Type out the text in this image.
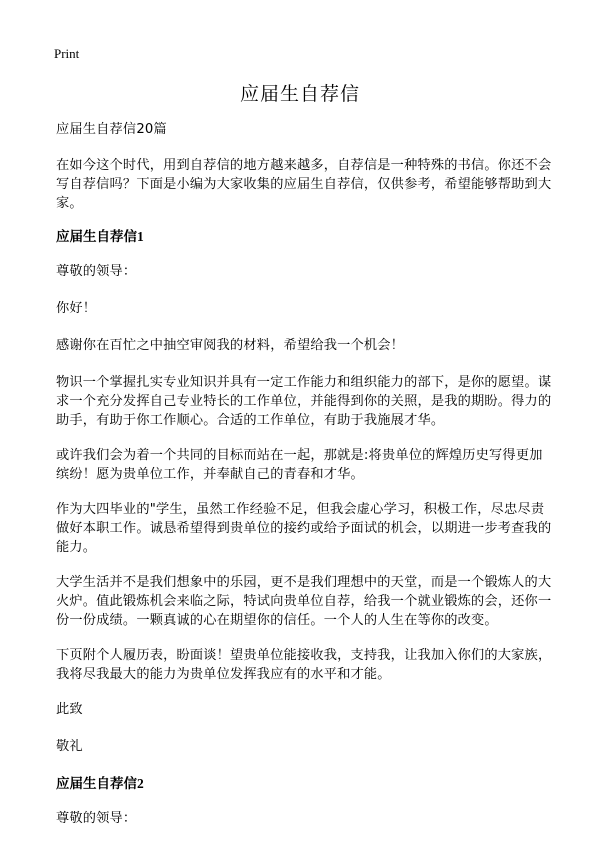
Print
应届生自荐信

应届生自荐信20篇

在如今这个时代，用到自荐信的地方越来越多，自荐信是一种特殊的书信。你还不会写自荐信吗？下面是小编为大家收集的应届生自荐信，仅供参考，希望能够帮助到大家。

应届生自荐信1

尊敬的领导：

你好！

感谢你在百忙之中抽空审阅我的材料，希望给我一个机会！

物识一个掌握扎实专业知识并具有一定工作能力和组织能力的部下，是你的愿望。谋求一个充分发挥自己专业特长的工作单位，并能得到你的关照，是我的期盼。得力的助手，有助于你工作顺心。合适的工作单位，有助于我施展才华。

或许我们会为着一个共同的目标而站在一起，那就是:将贵单位的辉煌历史写得更加缤纷！愿为贵单位工作，并奉献自己的青春和才华。

作为大四毕业的"学生，虽然工作经验不足，但我会虚心学习，积极工作，尽忠尽责做好本职工作。诚恳希望得到贵单位的接约或给予面试的机会，以期进一步考查我的能力。

大学生活并不是我们想象中的乐园，更不是我们理想中的天堂，而是一个锻炼人的大火炉。值此锻炼机会来临之际，特试向贵单位自荐，给我一个就业锻炼的会，还你一份一份成绩。一颗真诚的心在期望你的信任。一个人的人生在等你的改变。

下页附个人履历表，盼面谈！望贵单位能接收我，支持我，让我加入你们的大家族，我将尽我最大的能力为贵单位发挥我应有的水平和才能。

此致

敬礼

应届生自荐信2

尊敬的领导：
